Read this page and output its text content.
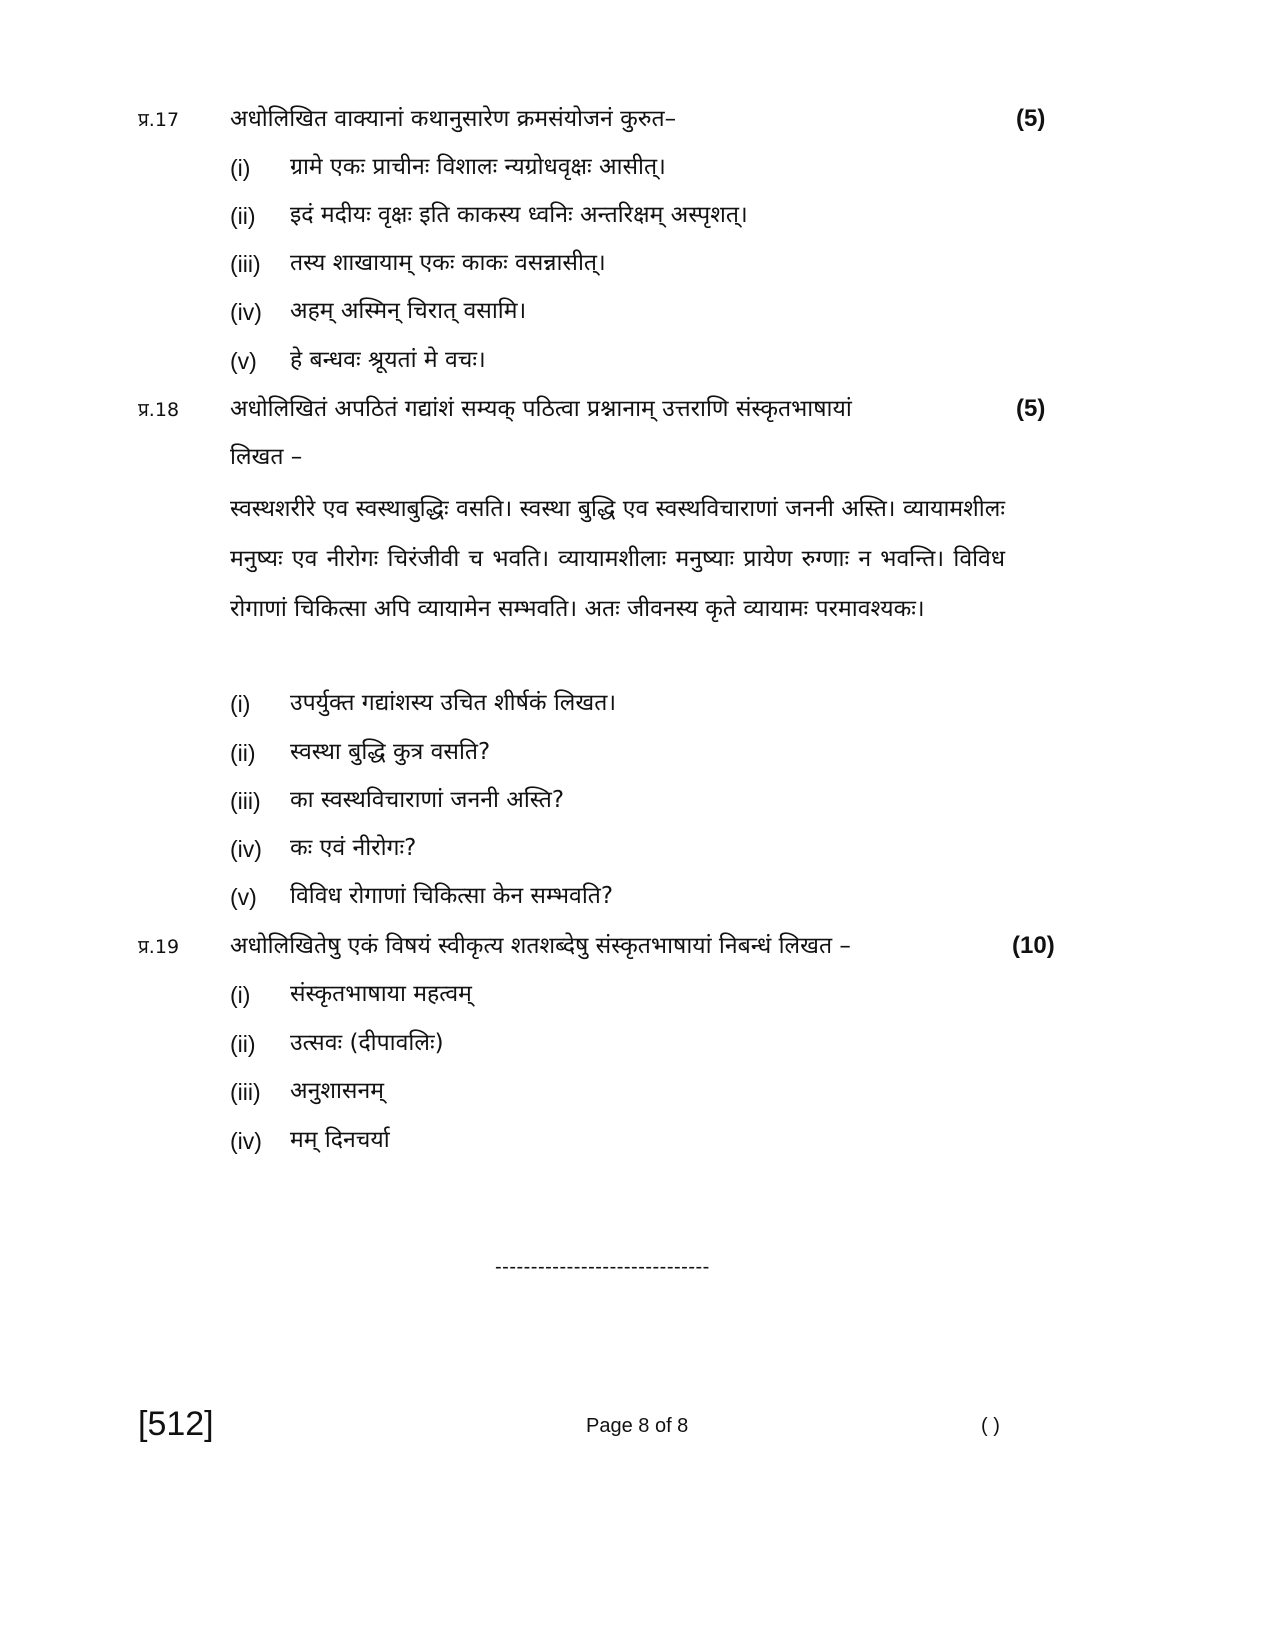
प्र.17 अधोलिखित वाक्यानां कथानुसारेण क्रमसंयोजनं कुरुत–	(5)
(i) ग्रामे एकः प्राचीनः विशालः न्यग्रोधवृक्षः आसीत्।
(ii) इदं मदीयः वृक्षः इति काकस्य ध्वनिः अन्तरिक्षम् अस्पृशत्।
(iii) तस्य शाखायाम् एकः काकः वसन्नासीत्।
(iv) अहम् अस्मिन् चिरात् वसामि।
(v) हे बन्धवः श्रूयतां मे वचः।
प्र.18 अधोलिखितं अपठितं गद्यांशं सम्यक् पठित्वा प्रश्नानाम् उत्तराणि संस्कृतभाषायां	(5)
लिखत –
स्वस्थशरीरे एव स्वस्थाबुद्धिः वसति। स्वस्था बुद्धि एव स्वस्थविचाराणां जननी अस्ति। व्यायामशीलः मनुष्यः एव नीरोगः चिरंजीवी च भवति। व्यायामशीलाः मनुष्याः प्रायेण रुग्णाः न भवन्ति। विविध रोगाणां चिकित्सा अपि व्यायामेन सम्भवति। अतः जीवनस्य कृते व्यायामः परमावश्यकः।
(i) उपर्युक्त गद्यांशस्य उचित शीर्षकं लिखत।
(ii) स्वस्था बुद्धि कुत्र वसति?
(iii) का स्वस्थविचाराणां जननी अस्ति?
(iv) कः एवं नीरोगः?
(v) विविध रोगाणां चिकित्सा केन सम्भवति?
प्र.19 अधोलिखितेषु एकं विषयं स्वीकृत्य शतशब्देषु संस्कृतभाषायां निबन्धं लिखत –	(10)
(i) संस्कृतभाषाया महत्वम्
(ii) उत्सवः (दीपावलिः)
(iii) अनुशासनम्
(iv) मम् दिनचर्या
------------------------------
[512]	Page 8 of 8	( )
